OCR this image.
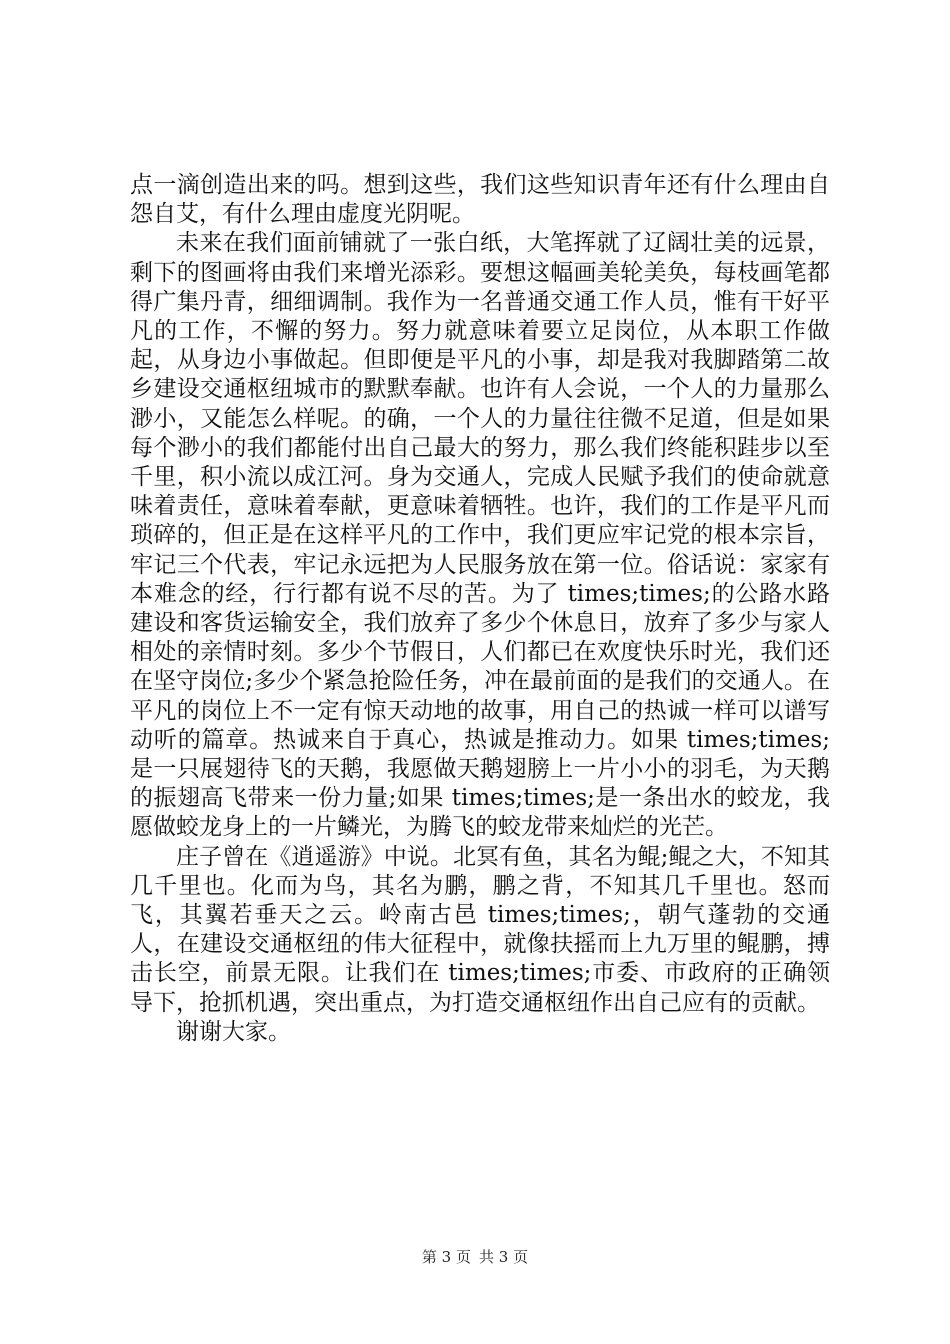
点一滴创造出来的吗。想到这些，我们这些知识青年还有什么理由自怨自艾，有什么理由虚度光阴呢。

未来在我们面前铺就了一张白纸，大笔挥就了辽阔壮美的远景，剩下的图画将由我们来增光添彩。要想这幅画美轮美奂，每枝画笔都得广集丹青，细细调制。我作为一名普通交通工作人员，惟有干好平凡的工作，不懈的努力。努力就意味着要立足岗位，从本职工作做起，从身边小事做起。但即便是平凡的小事，却是我对我脚踏第二故乡建设交通枢纽城市的默默奉献。也许有人会说，一个人的力量那么渺小，又能怎么样呢。的确，一个人的力量往往微不足道，但是如果每个渺小的我们都能付出自己最大的努力，那么我们终能积跬步以至千里，积小流以成江河。身为交通人，完成人民赋予我们的使命就意味着责任，意味着奉献，更意味着牺牲。也许，我们的工作是平凡而琐碎的，但正是在这样平凡的工作中，我们更应牢记党的根本宗旨，牢记三个代表，牢记永远把为人民服务放在第一位。俗话说：家家有本难念的经，行行都有说不尽的苦。为了 times;times;的公路水路建设和客货运输安全，我们放弃了多少个休息日，放弃了多少与家人相处的亲情时刻。多少个节假日，人们都已在欢度快乐时光，我们还在坚守岗位;多少个紧急抢险任务，冲在最前面的是我们的交通人。在平凡的岗位上不一定有惊天动地的故事，用自己的热诚一样可以谱写动听的篇章。热诚来自于真心，热诚是推动力。如果 times;times;是一只展翅待飞的天鹅，我愿做天鹅翅膀上一片小小的羽毛，为天鹅的振翅高飞带来一份力量;如果 times;times;是一条出水的蛟龙，我愿做蛟龙身上的一片鳞光，为腾飞的蛟龙带来灿烂的光芒。

庄子曾在《逍遥游》中说。北冥有鱼，其名为鲲;鲲之大，不知其几千里也。化而为鸟，其名为鹏，鹏之背，不知其几千里也。怒而飞，其翼若垂天之云。岭南古邑 times;times;，朝气蓬勃的交通人，在建设交通枢纽的伟大征程中，就像扶摇而上九万里的鲲鹏，搏击长空，前景无限。让我们在 times;times;市委、市政府的正确领导下，抢抓机遇，突出重点，为打造交通枢纽作出自己应有的贡献。

谢谢大家。

第 3 页 共 3 页
